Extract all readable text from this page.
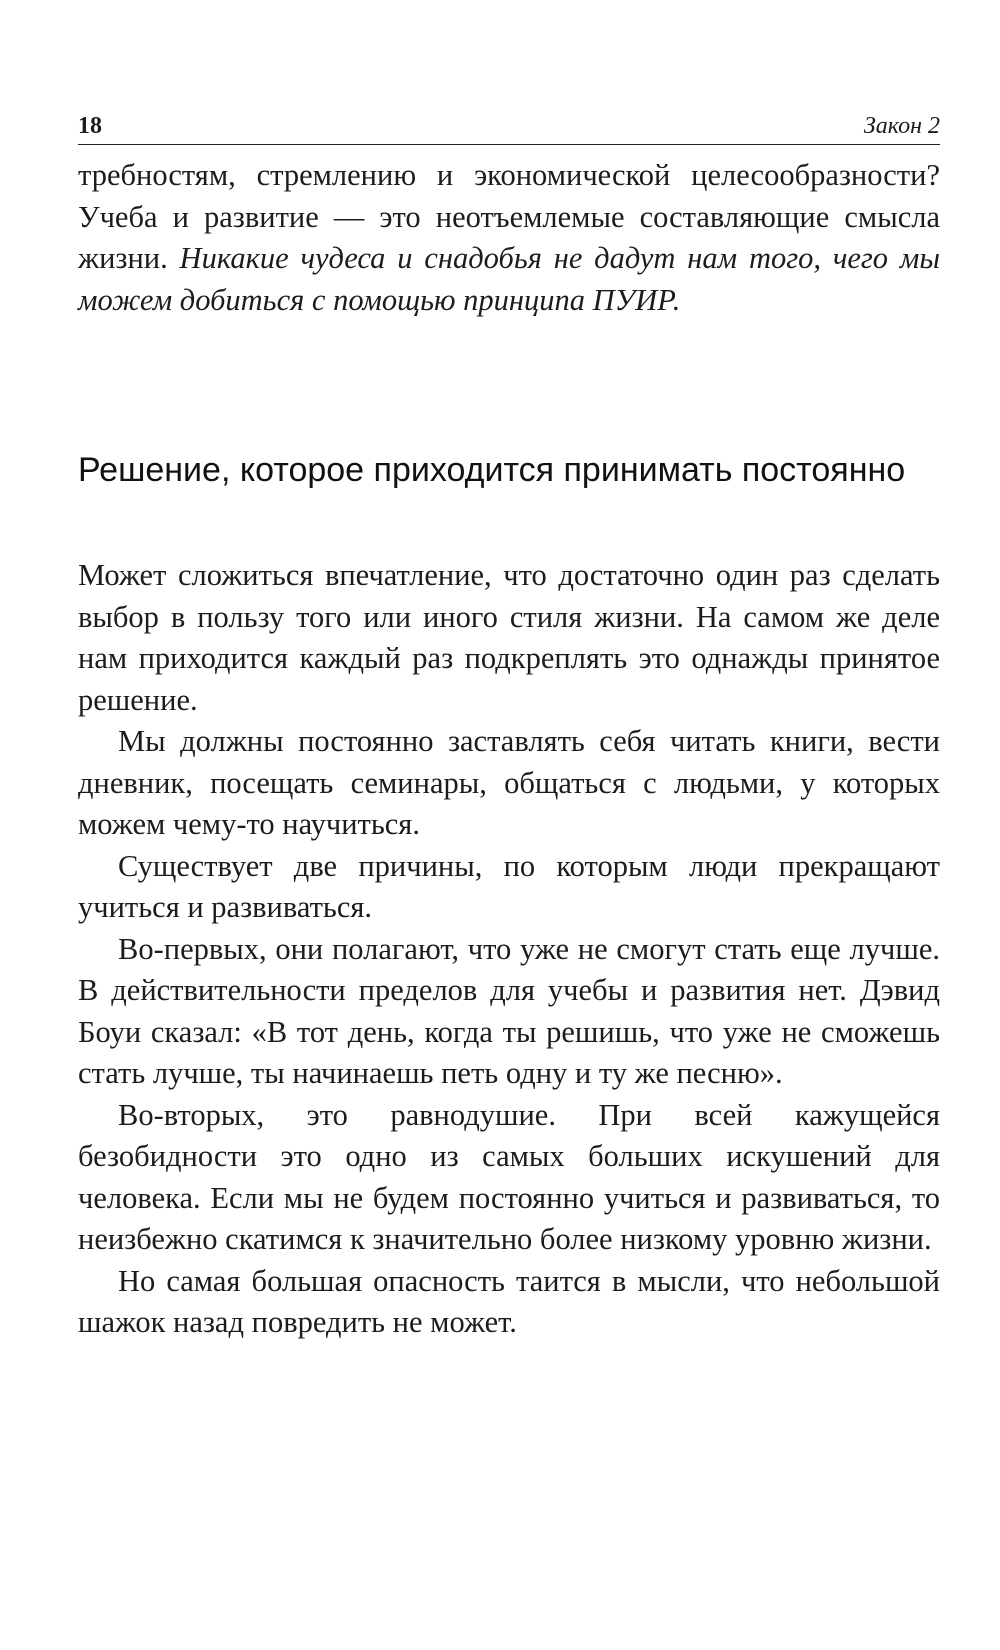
18	Закон 2

требностям, стремлению и экономической целесообразности? Учеба и развитие — это неотъемлемые составляющие смысла жизни. Никакие чудеса и снадобья не дадут нам того, чего мы можем добиться с помощью принципа ПУИР.

Решение, которое приходится принимать постоянно

Может сложиться впечатление, что достаточно один раз сделать выбор в пользу того или иного стиля жизни. На самом же деле нам приходится каждый раз подкреплять это однажды принятое решение.

Мы должны постоянно заставлять себя читать книги, вести дневник, посещать семинары, общаться с людьми, у которых можем чему-то научиться.

Существует две причины, по которым люди прекращают учиться и развиваться.

Во-первых, они полагают, что уже не смогут стать еще лучше. В действительности пределов для учебы и развития нет. Дэвид Боуи сказал: «В тот день, когда ты решишь, что уже не сможешь стать лучше, ты начинаешь петь одну и ту же песню».

Во-вторых, это равнодушие. При всей кажущейся безобидности это одно из самых больших искушений для человека. Если мы не будем постоянно учиться и развиваться, то неизбежно скатимся к значительно более низкому уровню жизни.

Но самая большая опасность таится в мысли, что небольшой шажок назад повредить не может.
